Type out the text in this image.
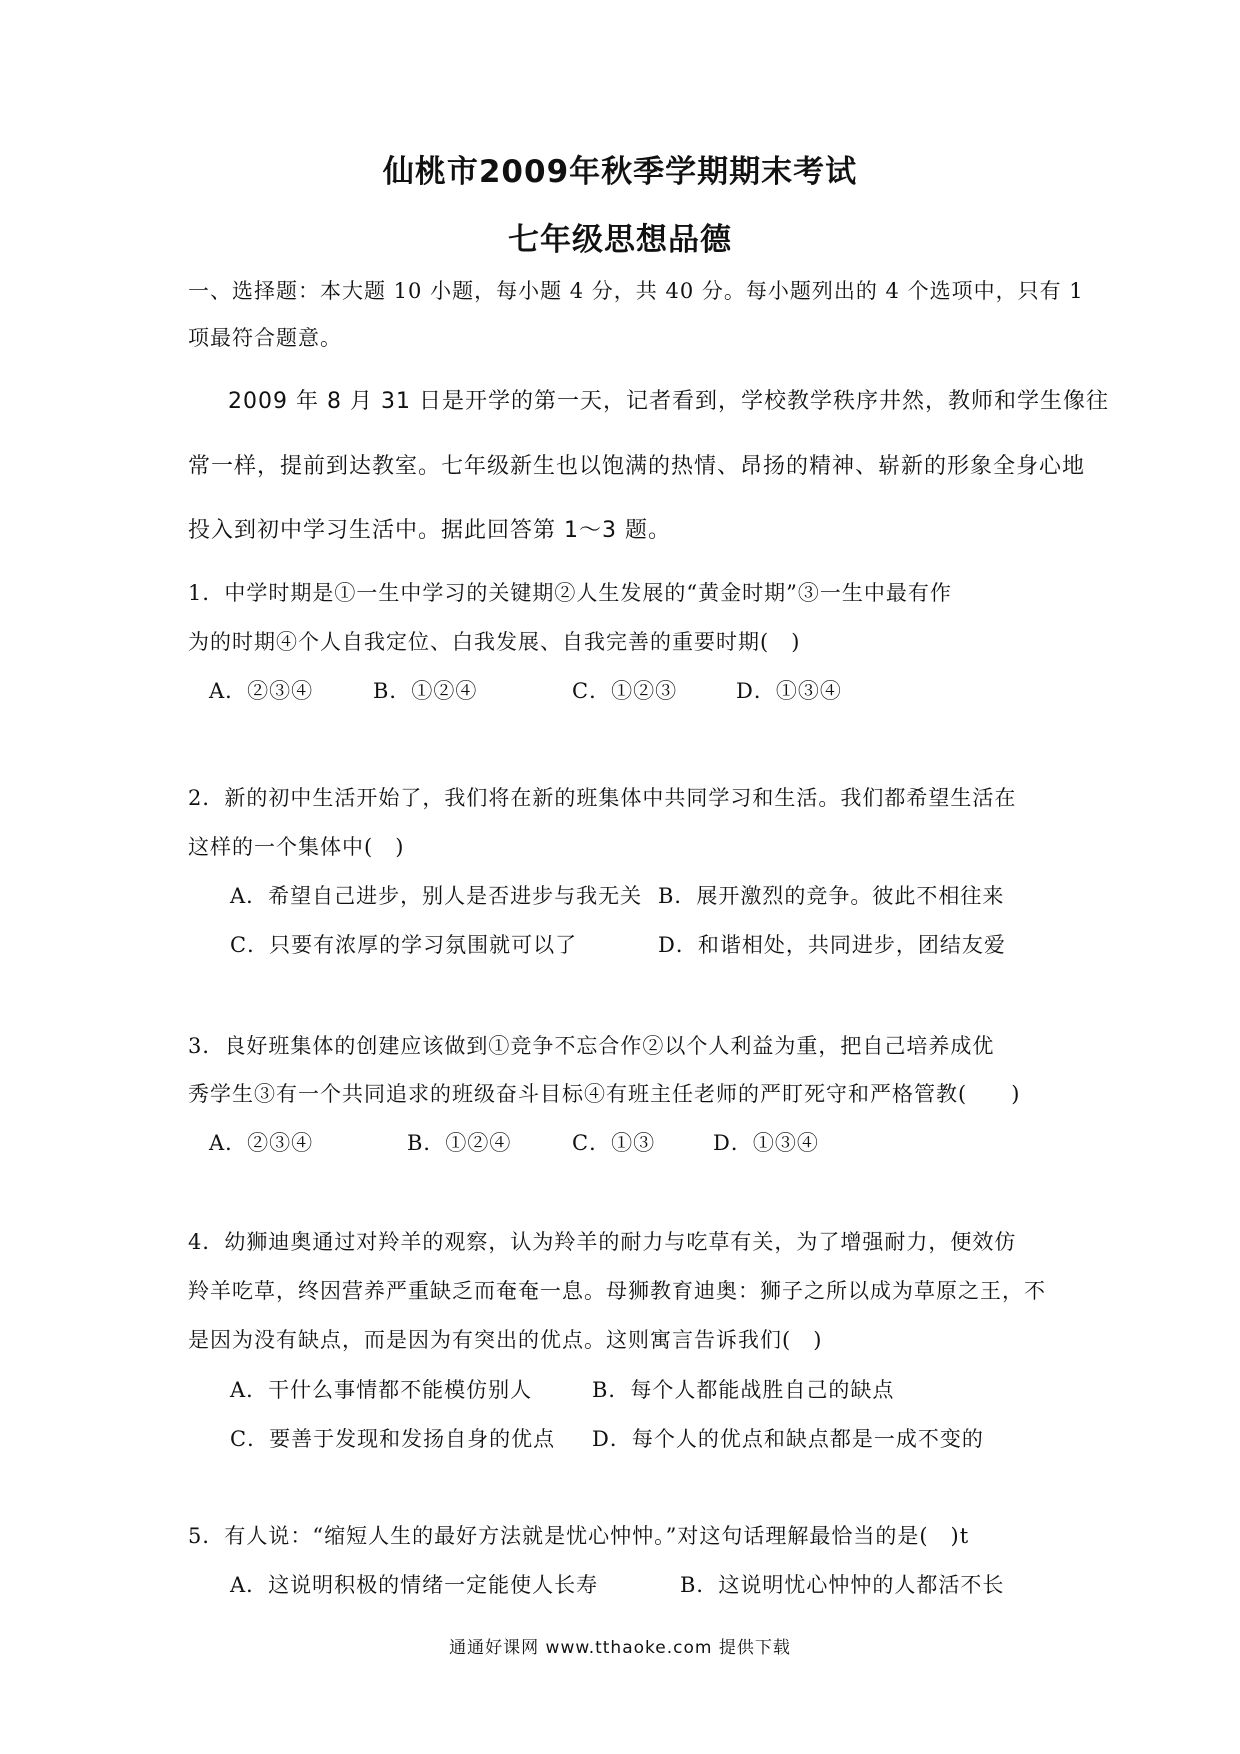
仙桃市2009年秋季学期期末考试
七年级思想品德
一、选择题：本大题 10 小题，每小题 4 分，共 40 分。每小题列出的 4 个选项中，只有 1
项最符合题意。
2009 年 8 月 31 日是开学的第一天，记者看到，学校教学秩序井然，教师和学生像往
常一样，提前到达教室。七年级新生也以饱满的热情、昂扬的精神、崭新的形象全身心地
投入到初中学习生活中。据此回答第 1～3 题。
1．中学时期是①一生中学习的关键期②人生发展的“黄金时期”③一生中最有作
为的时期④个人自我定位、白我发展、自我完善的重要时期(　)
A．②③④	B．①②④	C．①②③	D．①③④
2．新的初中生活开始了，我们将在新的班集体中共同学习和生活。我们都希望生活在
这样的一个集体中(　)
A．希望自己进步，别人是否进步与我无关 B．展开激烈的竞争。彼此不相往来
C．只要有浓厚的学习氛围就可以了	D．和谐相处，共同进步，团结友爱
3．良好班集体的创建应该做到①竞争不忘合作②以个人利益为重，把自己培养成优
秀学生③有一个共同追求的班级奋斗目标④有班主任老师的严盯死守和严格管教(　　)
A．②③④	B．①②④	C．①③	D．①③④
4．幼狮迪奥通过对羚羊的观察，认为羚羊的耐力与吃草有关，为了增强耐力，便效仿
羚羊吃草，终因营养严重缺乏而奄奄一息。母狮教育迪奥：狮子之所以成为草原之王，不
是因为没有缺点，而是因为有突出的优点。这则寓言告诉我们(　)
A．干什么事情都不能模仿别人	B．每个人都能战胜自己的缺点
C．要善于发现和发扬自身的优点 D．每个人的优点和缺点都是一成不变的
5．有人说：“缩短人生的最好方法就是忧心忡忡。”对这句话理解最恰当的是(　)t
A．这说明积极的情绪一定能使人长寿	B．这说明忧心忡忡的人都活不长
通通好课网 www.tthaoke.com 提供下载
